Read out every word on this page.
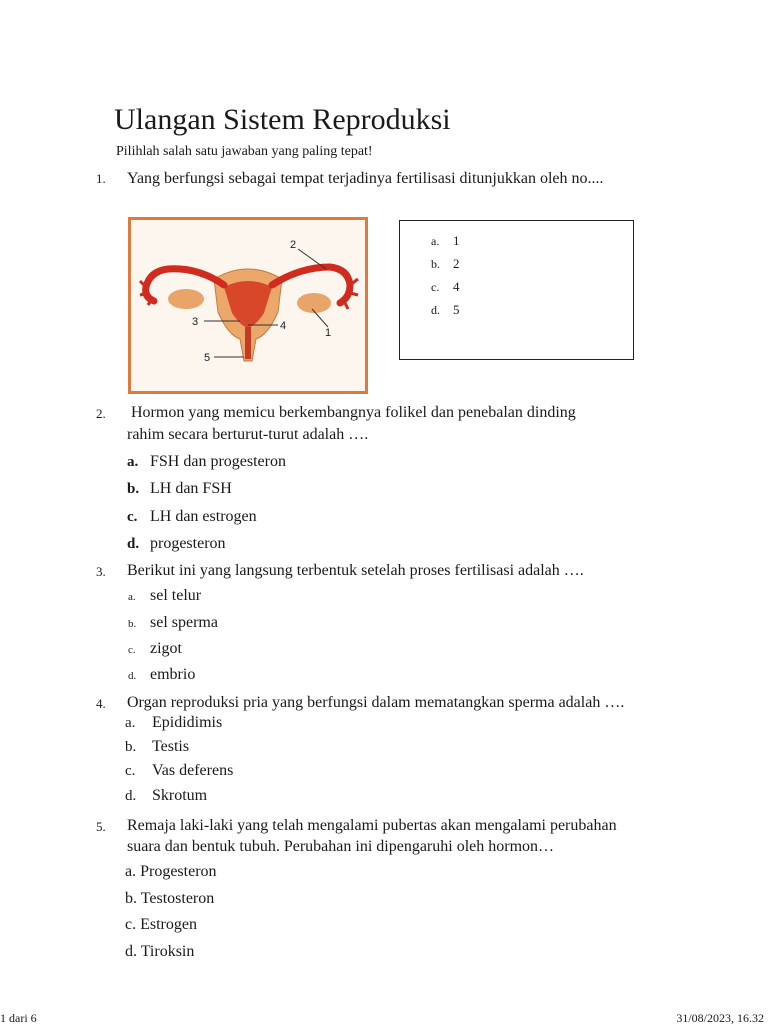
Ulangan Sistem Reproduksi
Pilihlah salah satu jawaban yang paling tepat!
1. Yang berfungsi sebagai tempat terjadinya fertilisasi ditunjukkan oleh no....
1
2
3	4
5
a. 1
b. 2
c. 4
d. 5
2. Hormon yang memicu berkembangnya folikel dan penebalan dinding
rahim secara berturut-turut adalah ….
a. FSH dan progesteron
b. LH dan FSH
c. LH dan estrogen
d. progesteron
3. Berikut ini yang langsung terbentuk setelah proses fertilisasi adalah ….
a. sel telur
b. sel sperma
c. zigot
d. embrio
4. Organ reproduksi pria yang berfungsi dalam mematangkan sperma adalah ….
a. Epididimis
b. Testis
c. Vas deferens
d. Skrotum
5. Remaja laki-laki yang telah mengalami pubertas akan mengalami perubahan
suara dan bentuk tubuh. Perubahan ini dipengaruhi oleh hormon…
a. Progesteron
b. Testosteron
c. Estrogen
d. Tiroksin
1 dari 6	31/08/2023, 16.32
